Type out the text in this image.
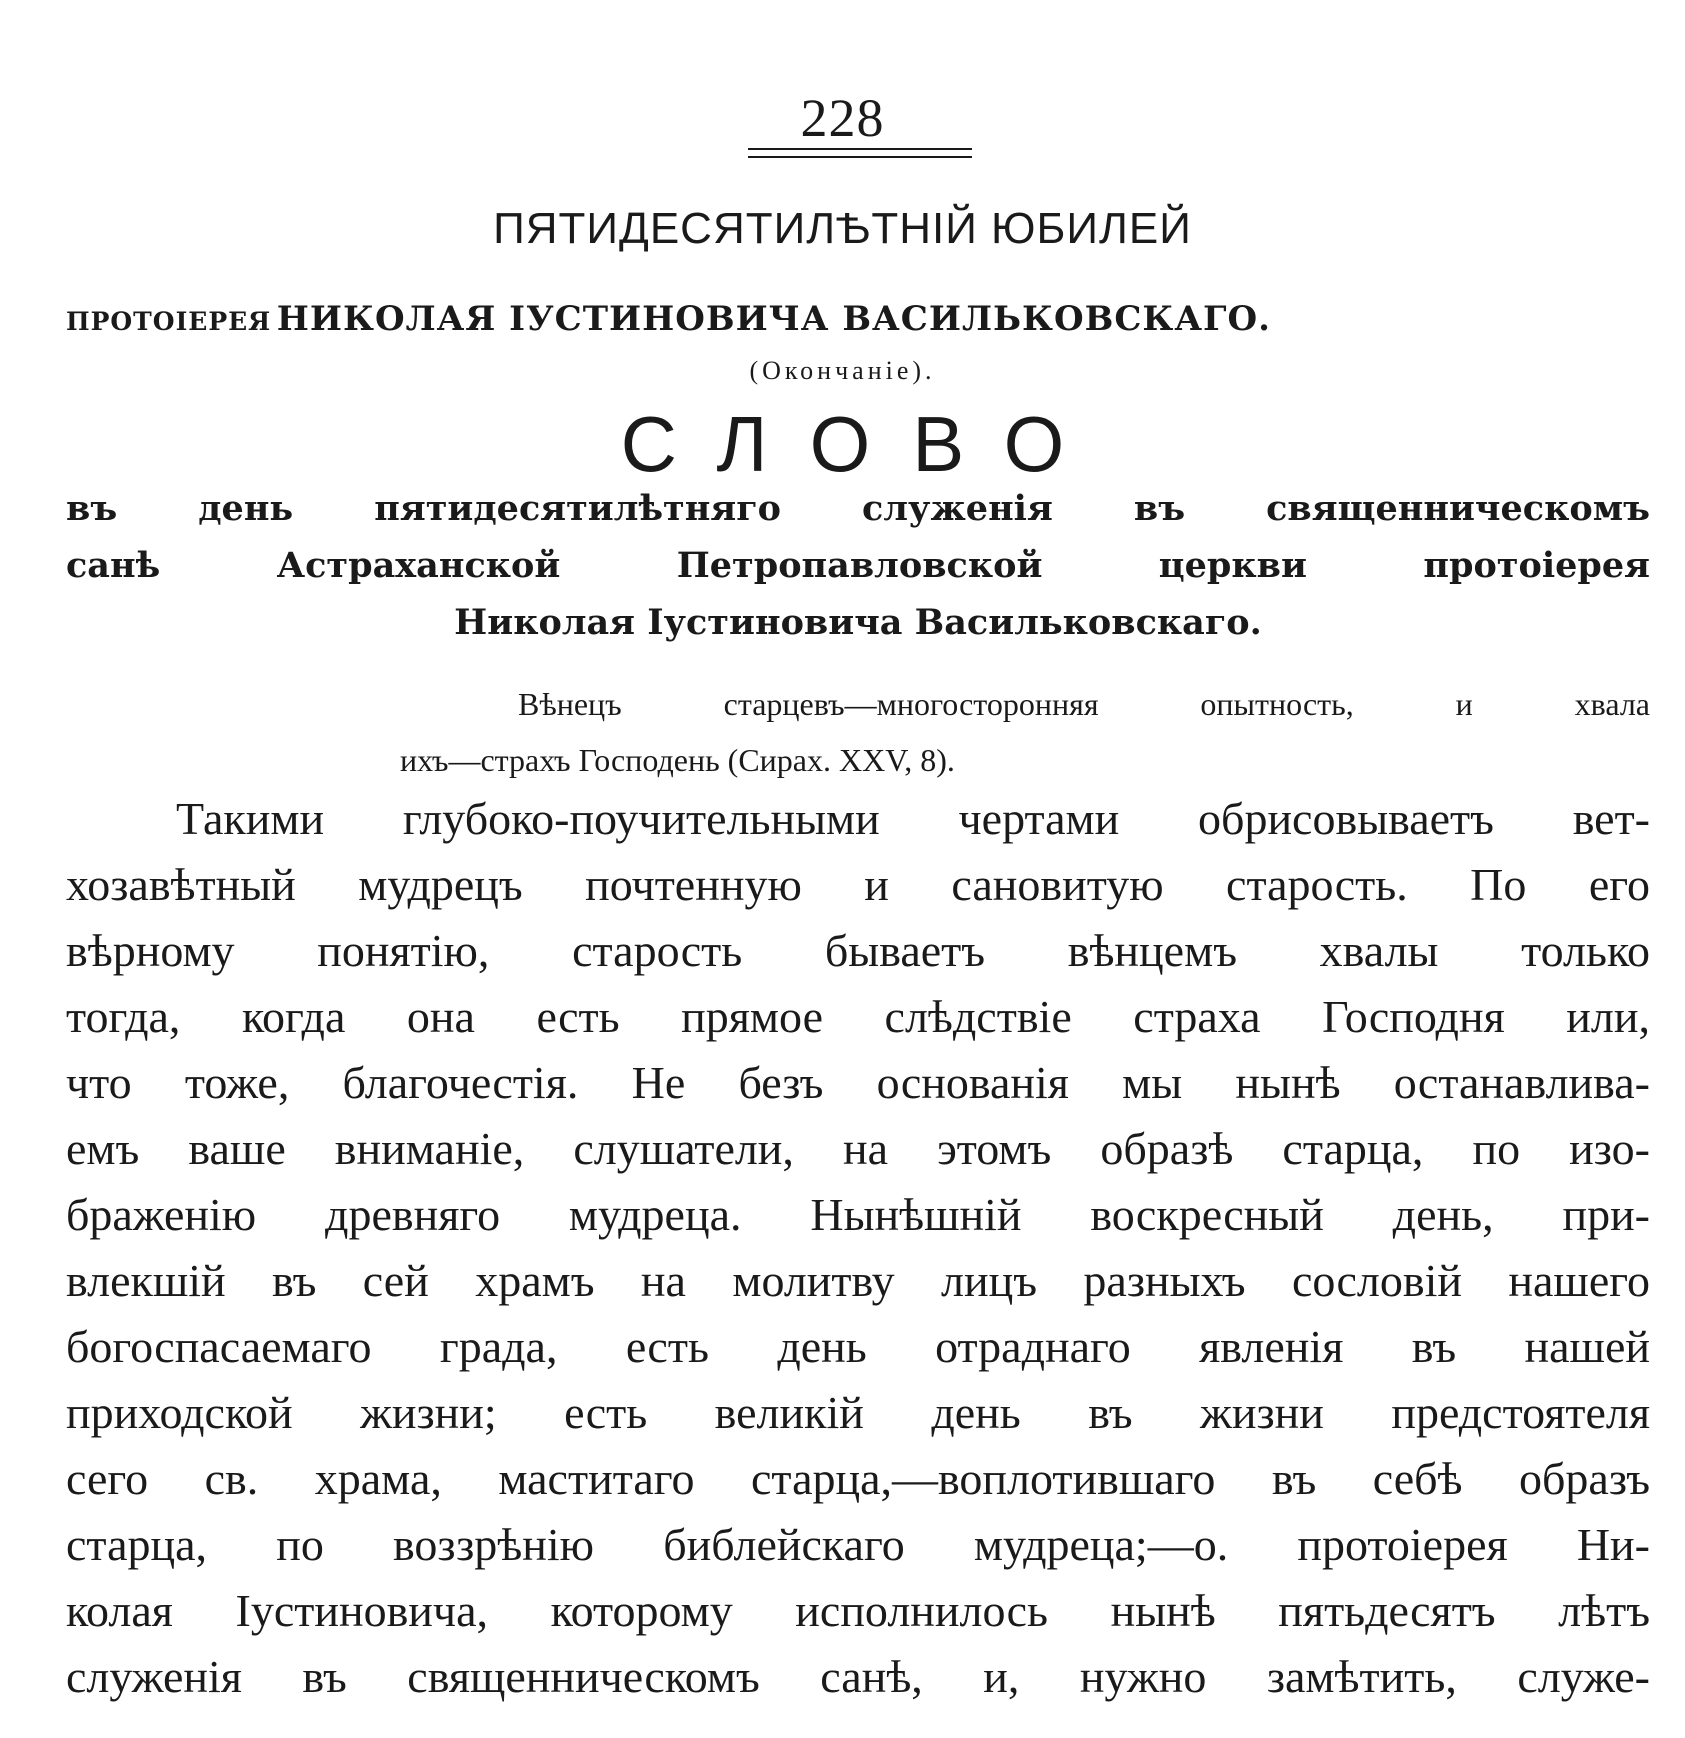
228
ПЯТИДЕСЯТИЛѢТНІЙ ЮБИЛЕЙ
ПРОТОІЕРЕЯ НИКОЛАЯ ІУСТИНОВИЧА ВАСИЛЬКОВСКАГО.
(Окончаніе).
СЛОВО
въ день пятидесятилѣтняго служенія въ священническомъ
санѣ Астраханской Петропавловской церкви протоіерея
Николая Іустиновича Васильковскаго.
Вѣнецъ старцевъ—многосторонняя опытность, и хвала
ихъ—страхъ Господень (Сирах. XXV, 8).
Такими глубоко-поучительными чертами обрисовываетъ вет-
хозавѣтный мудрецъ почтенную и сановитую старость. По его
вѣрному понятію, старость бываетъ вѣнцемъ хвалы только
тогда, когда она есть прямое слѣдствіе страха Господня или,
что тоже, благочестія. Не безъ основанія мы нынѣ останавлива-
емъ ваше вниманіе, слушатели, на этомъ образѣ старца, по изо-
браженію древняго мудреца. Нынѣшній воскресный день, при-
влекшій въ сей храмъ на молитву лицъ разныхъ сословій нашего
богоспасаемаго града, есть день отраднаго явленія въ нашей
приходской жизни; есть великій день въ жизни предстоятеля
сего св. храма, маститаго старца,—воплотившаго въ себѣ образъ
старца, по воззрѣнію библейскаго мудреца;—о. протоіерея Ни-
колая Іустиновича, которому исполнилось нынѣ пятьдесятъ лѣтъ
служенія въ священническомъ санѣ, и, нужно замѣтить, служе-
